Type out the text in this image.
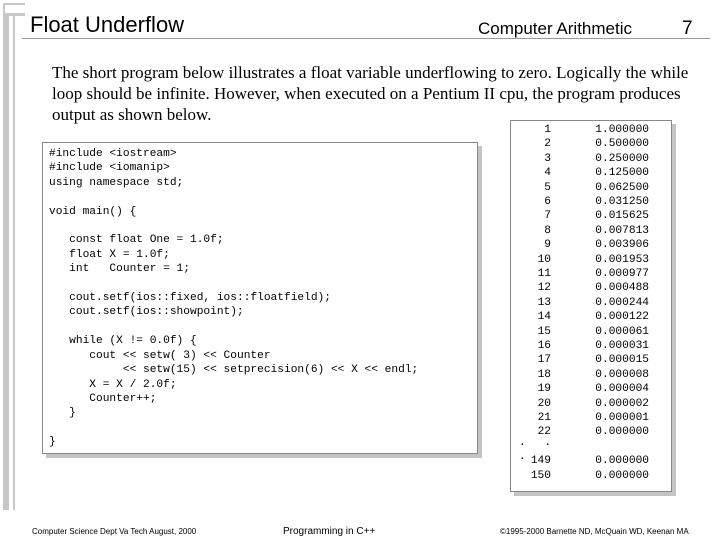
Float Underflow	Computer Arithmetic	7
The short program below illustrates a float variable underflowing to zero. Logically the while loop should be infinite. However, when executed on a Pentium II cpu, the program produces output as shown below.
#include <iostream>
#include <iomanip>
using namespace std;

void main() {

const float One = 1.0f;
float X = 1.0f;
int   Counter = 1;

cout.setf(ios::fixed, ios::floatfield);
cout.setf(ios::showpoint);

while (X != 0.0f) {
cout << setw( 3) << Counter
<< setw(15) << setprecision(6) << X << endl;
X = X / 2.0f;
Counter++;
}

}

1	1.000000
2	0.500000
3	0.250000
4	0.125000
5	0.062500
6	0.031250
7	0.015625
8	0.007813
9	0.003906
10	0.001953
11	0.000977
12	0.000488
13	0.000244
14	0.000122
15	0.000061
16	0.000031
17	0.000015
18	0.000008
19	0.000004
20	0.000002
21	0.000001
22	0.000000
. . . 149	0.000000
150	0.000000
Computer Science Dept Va Tech August, 2000	Programming in C++	©1995-2000 Barnette ND, McQuain WD, Keenan MA
